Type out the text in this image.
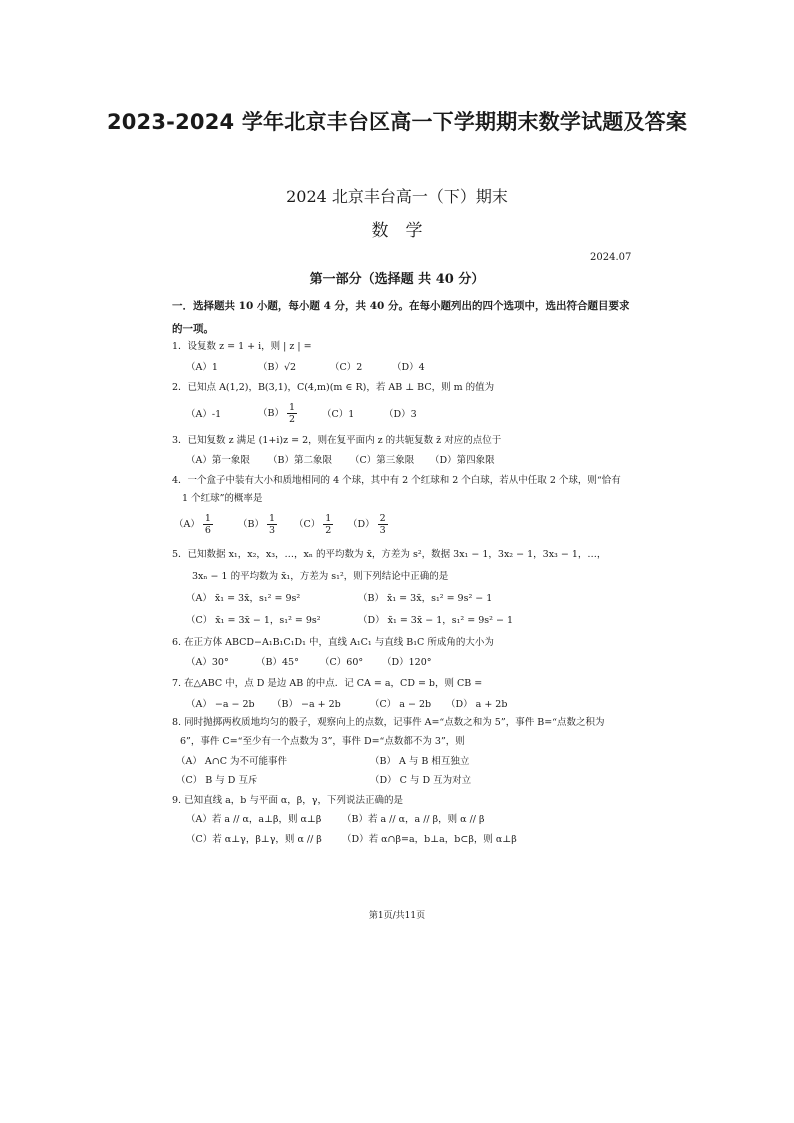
2023-2024 学年北京丰台区高一下学期期末数学试题及答案
2024 北京丰台高一（下）期末
数　学
2024.07
第一部分（选择题 共 40 分）
一．选择题共 10 小题，每小题 4 分，共 40 分。在每小题列出的四个选项中，选出符合题目要求的一项。
1．设复数 z = 1 + i，则 | z | =
（A）1	（B）√2	（C）2	（D）4
2．已知点 A(1,2)，B(3,1)，C(4,m)(m ∈ R)，若 AB ⊥ BC，则 m 的值为
（A）-1	$(B) \frac{1}{2}$	（C）1	（D）3
3．已知复数 z 满足 (1+i)z = 2，则在复平面内 z 的共轭复数 z̄ 对应的点位于
（A）第一象限 （B）第二象限 （C）第三象限 （D）第四象限
4．一个盒子中装有大小和质地相同的 4 个球，其中有 2 个红球和 2 个白球，若从中任取 2 个球，则“恰有
1 个红球”的概率是
$(A) \frac{1}{6}$	$(B) \frac{1}{3} (C) \frac{1}{2} (D) \frac{2}{3}$
5．已知数据 x₁，x₂，x₃，…，xₙ 的平均数为 x̄，方差为 s²，数据 3x₁ − 1，3x₂ − 1，3x₃ − 1，…，
3xₙ − 1 的平均数为 x̄₁，方差为 s₁²，则下列结论中正确的是
（A） x̄₁ = 3x̄，s₁² = 9s²	（B） x̄₁ = 3x̄，s₁² = 9s² − 1
（C） x̄₁ = 3x̄ − 1，s₁² = 9s²	（D） x̄₁ = 3x̄ − 1，s₁² = 9s² − 1
6. 在正方体 ABCD−A₁B₁C₁D₁ 中，直线 A₁C₁ 与直线 B₁C 所成角的大小为
（A）30°	（B）45° （C）60° （D）120°
7. 在△ABC 中，点 D 是边 AB 的中点．记 CA = a，CD = b，则 CB =
（A） −a − 2b （B） −a + 2b	（C） a − 2b （D） a + 2b
8. 同时抛掷两枚质地均匀的骰子，观察向上的点数，记事件 A=“点数之和为 5”，事件 B=“点数之积为
6”，事件 C=“至少有一个点数为 3”，事件 D=“点数都不为 3”，则
（A） A∩C 为不可能事件	（B） A 与 B 相互独立
（C） B 与 D 互斥	（D） C 与 D 互为对立
9. 已知直线 a，b 与平面 α，β，γ，下列说法正确的是
（A）若 a // α，a⊥β，则 α⊥β （B）若 a // α，a // β，则 α // β
（C）若 α⊥γ，β⊥γ，则 α // β （D）若 α∩β=a，b⊥a，b⊂β，则 α⊥β
第1页/共11页
